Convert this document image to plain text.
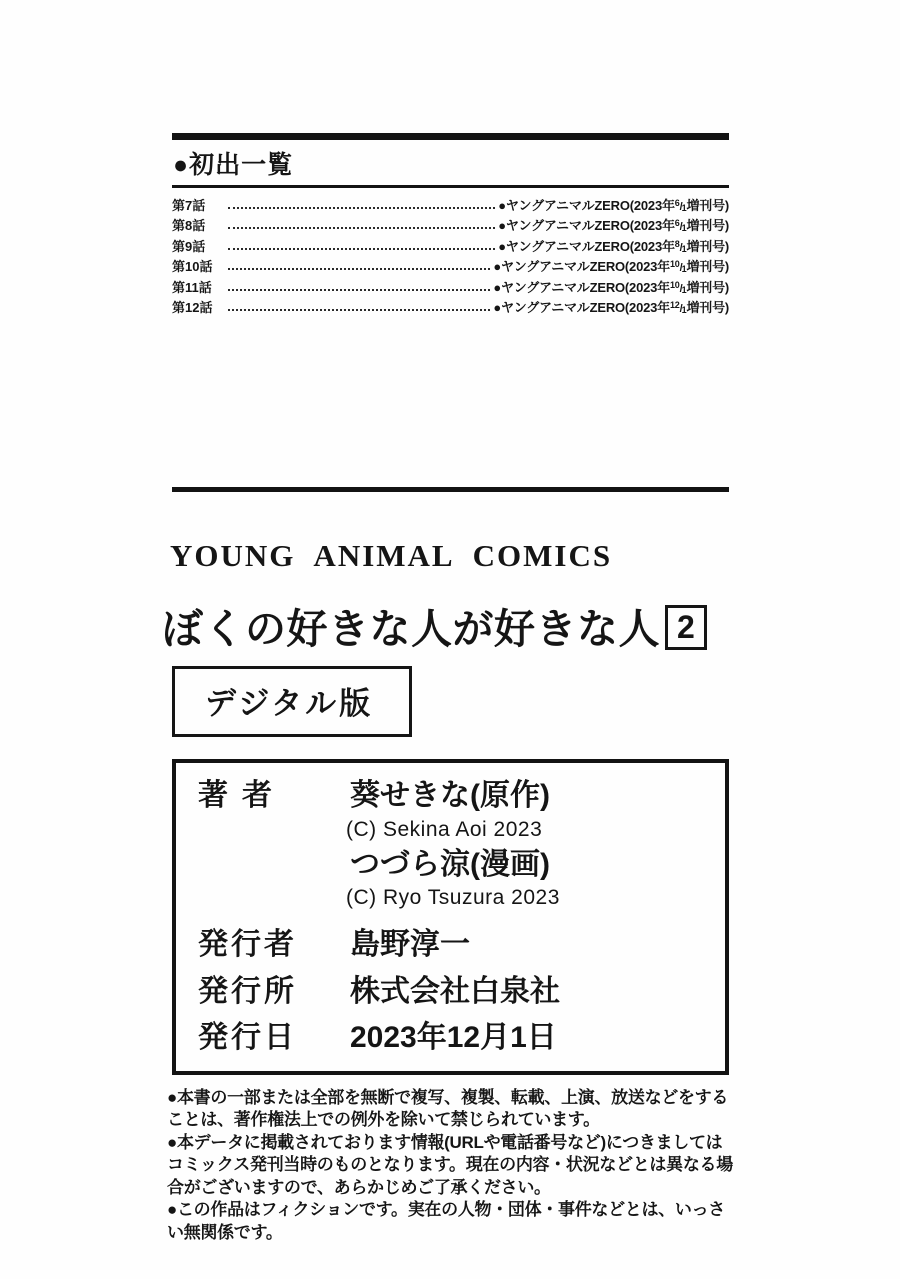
●初出一覧
第7話	●ヤングアニマルZERO(2023年$^6$/1増刊号)
第8話	●ヤングアニマルZERO(2023年$^6$/1増刊号)
第9話	●ヤングアニマルZERO(2023年$^8$/1増刊号)
第10話	●ヤングアニマルZERO(2023年$^{10}$/1増刊号)
第11話	●ヤングアニマルZERO(2023年$^{10}$/1増刊号)
第12話	●ヤングアニマルZERO(2023年$^{12}$/1増刊号)
YOUNG ANIMAL COMICS
ぼくの好きな人が好きな人 2
デジタル版
著者	葵せきな(原作)
(C) Sekina Aoi 2023
つづら涼(漫画)
(C) Ryo Tsuzura 2023
発行者	島野淳一
発行所	株式会社白泉社
発行日	2023年12月1日

●本書の一部または全部を無断で複写、複製、転載、上演、放送などをすることは、著作権法上での例外を除いて禁じられています。

●本データに掲載されております情報(URLや電話番号など)につきましてはコミックス発刊当時のものとなります。現在の内容・状況などとは異なる場合がございますので、あらかじめご了承ください。

●この作品はフィクションです。実在の人物・団体・事件などとは、いっさい無関係です。
